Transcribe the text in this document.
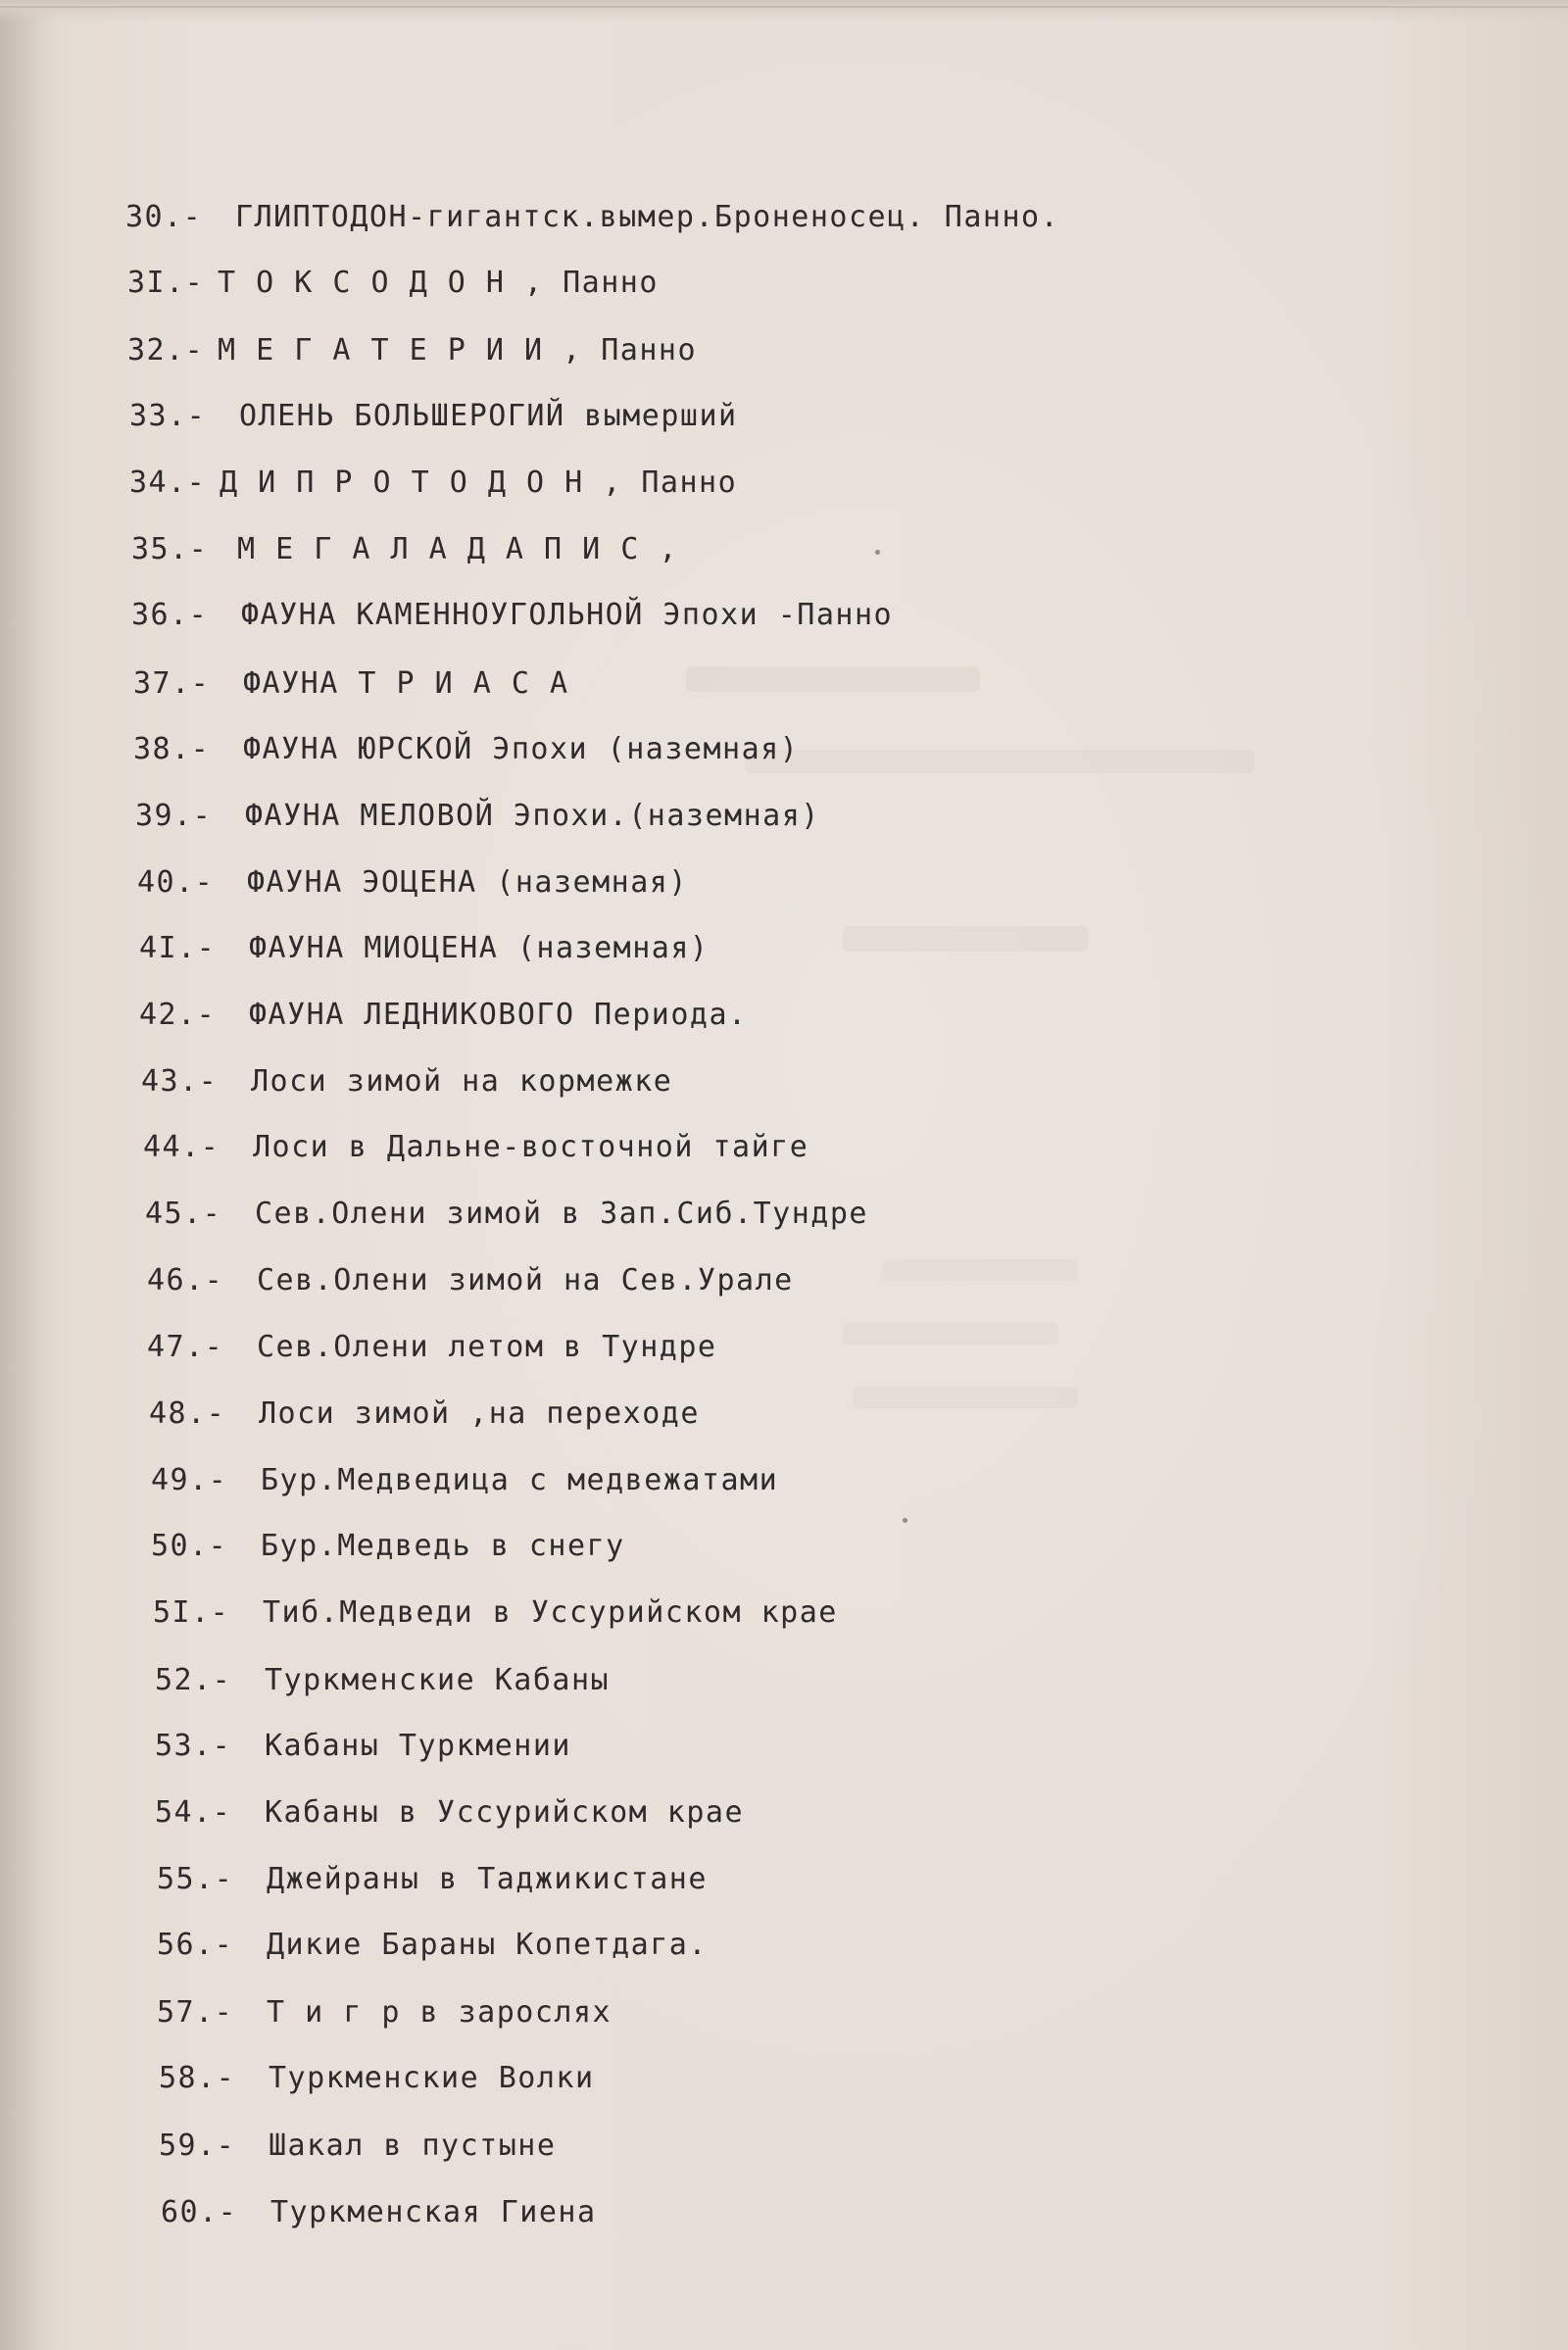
30.- ГЛИПТОДОН-гигантск.вымер.Броненосец. Панно.
3I.- Т О К С О Д О Н , Панно
32.- М Е Г А Т Е Р И И , Панно
33.- ОЛЕНЬ БОЛЬШЕРОГИЙ вымерший
34.- Д И П Р О Т О Д О Н , Панно
35.- М Е Г А Л А Д А П И С ,
36.- ФАУНА КАМЕННОУГОЛЬНОЙ Эпохи -Панно
37.- ФАУНА Т Р И А С А
38.- ФАУНА ЮРСКОЙ Эпохи (наземная)
39.- ФАУНА МЕЛОВОЙ Эпохи.(наземная)
40.- ФАУНА ЭОЦЕНА (наземная)
4I.- ФАУНА МИОЦЕНА (наземная)
42.- ФАУНА ЛЕДНИКОВОГО Периода.
43.- Лоси зимой на кормежке
44.- Лоси в Дальне-восточной тайге
45.- Сев.Олени зимой в Зап.Сиб.Тундре
46.- Сев.Олени зимой на Сев.Урале
47.- Сев.Олени летом в Тундре
48.- Лоси зимой ,на переходе
49.- Бур.Медведица с медвежатами
50.- Бур.Медведь в снегу
5I.- Тиб.Медведи в Уссурийском крае
52.- Туркменские Кабаны
53.- Кабаны Туркмении
54.- Кабаны в Уссурийском крае
55.- Джейраны в Таджикистане
56.- Дикие Бараны Копетдага.
57.- Т и г р в зарослях
58.- Туркменские Волки
59.- Шакал в пустыне
60.- Туркменская Гиена
